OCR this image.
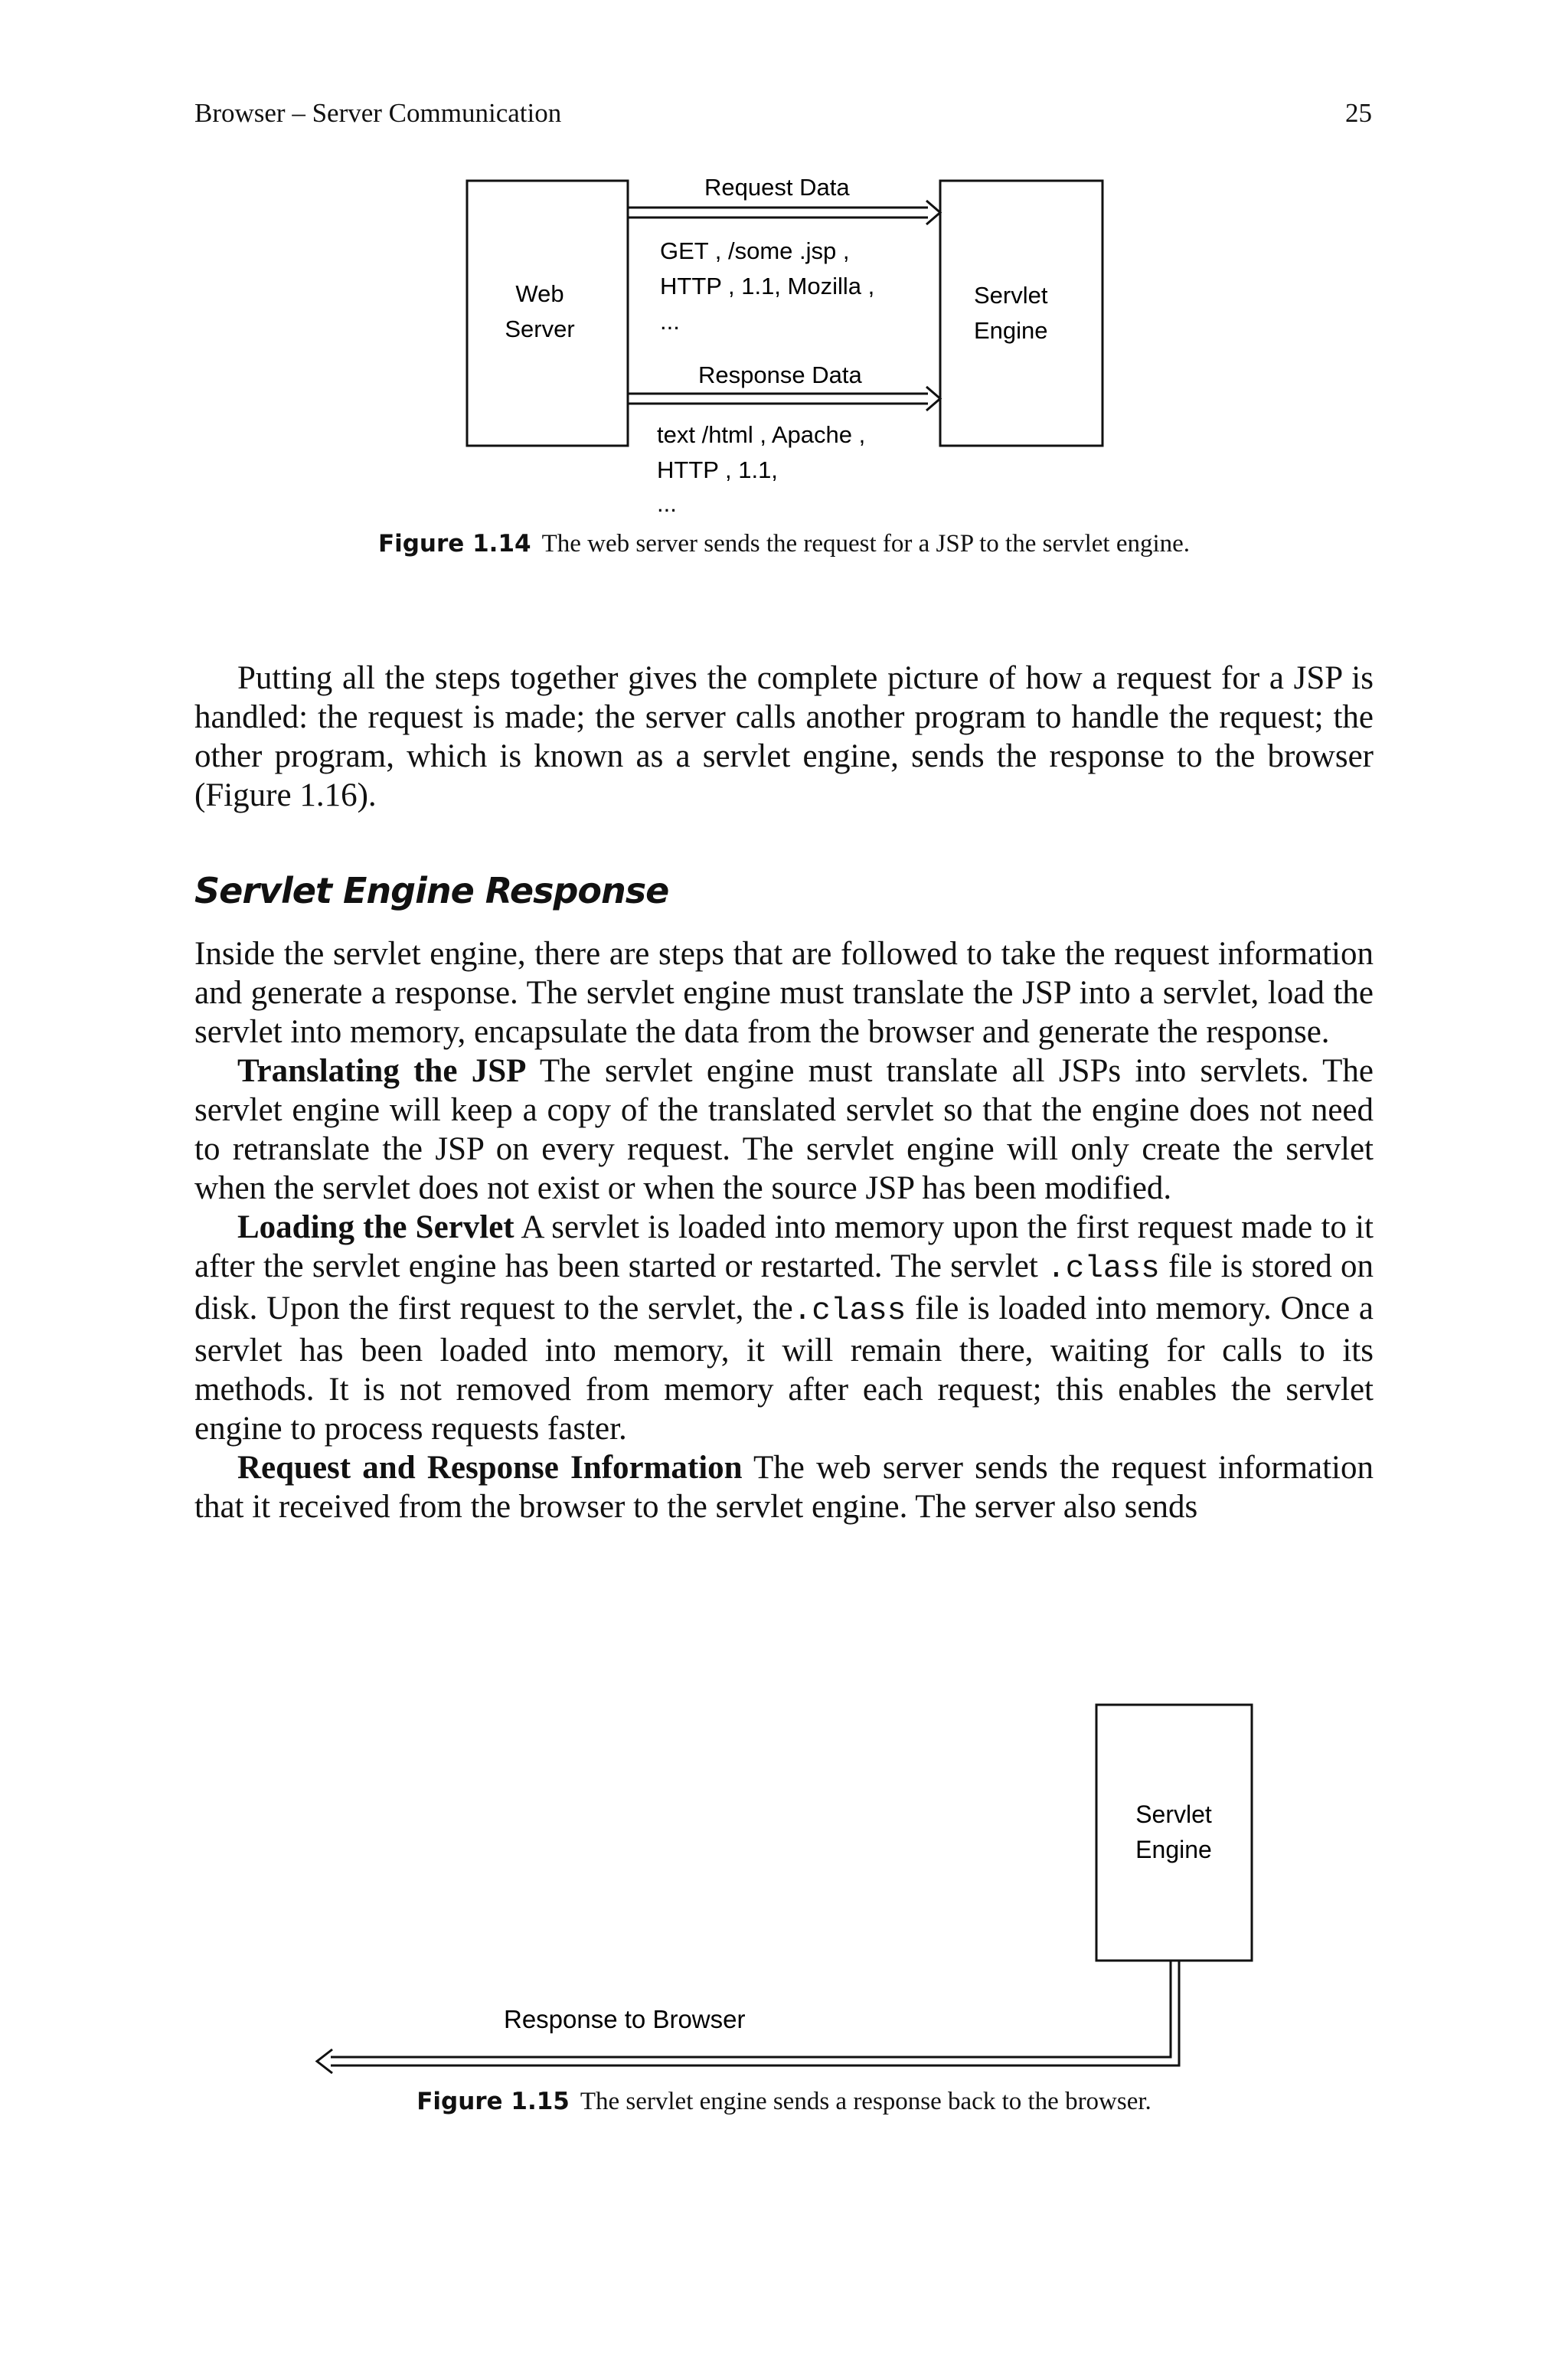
Browser – Server Communication	25
Web
Server
Servlet
Engine
Request Data
GET , /some .jsp ,
HTTP , 1.1, Mozilla ,
...
Response Data
text /html , Apache ,
HTTP , 1.1,
...
Figure 1.14 The web server sends the request for a JSP to the servlet engine.

Putting all the steps together gives the complete picture of how a request for a JSP is handled: the request is made; the server calls another program to handle the request; the other program, which is known as a servlet engine, sends the response to the browser (Figure 1.16).

Servlet Engine Response

Inside the servlet engine, there are steps that are followed to take the request information and generate a response. The servlet engine must translate the JSP into a servlet, load the servlet into memory, encapsulate the data from the browser and generate the response.

Translating the JSP The servlet engine must translate all JSPs into servlets. The servlet engine will keep a copy of the translated servlet so that the engine does not need to retranslate the JSP on every request. The servlet engine will only create the servlet when the servlet does not exist or when the source JSP has been modified.

Loading the Servlet A servlet is loaded into memory upon the first request made to it after the servlet engine has been started or restarted. The servlet .class file is stored on disk. Upon the first request to the servlet, the.class file is loaded into memory. Once a servlet has been loaded into memory, it will remain there, waiting for calls to its methods. It is not removed from memory after each request; this enables the servlet engine to process requests faster.

Request and Response Information The web server sends the request information that it received from the browser to the servlet engine. The server also sends

Servlet
Engine
Response to Browser
Figure 1.15 The servlet engine sends a response back to the browser.
